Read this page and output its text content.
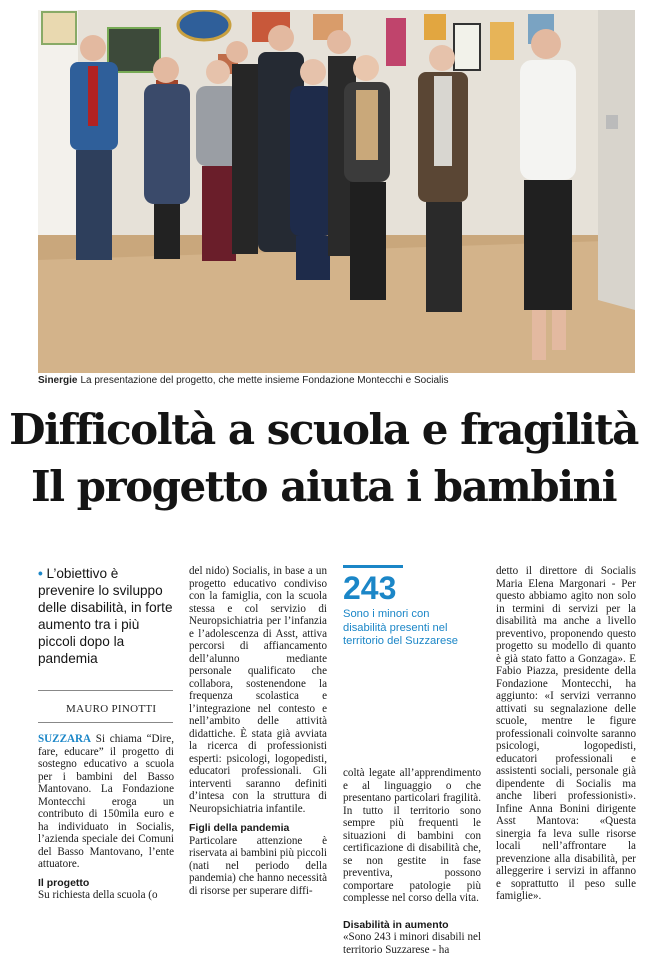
Sinergie La presentazione del progetto, che mette insieme Fondazione Montecchi e Socialis
Difficoltà a scuola e fragilità
Il progetto aiuta i bambini
• L’obiettivo è prevenire lo sviluppo delle disabilità, in forte aumento tra i più piccoli dopo la pandemia
MAURO PINOTTI

SUZZARA Si chiama “Dire, fare, educare” il progetto di sostegno educativo a scuola per i bambini del Basso Mantovano. La Fondazione Montecchi eroga un contributo di 150mila euro e ha individuato in Socialis, l’azienda speciale dei Comuni del Basso Mantovano, l’ente attuatore.

Il progetto

Su richiesta della scuola (o

del nido) Socialis, in base a un progetto educativo condiviso con la famiglia, con la scuola stessa e col servizio di Neuropsichiatria per l’infanzia e l’adolescenza di Asst, attiva percorsi di affiancamento dell’alunno mediante personale qualificato che collabora, sostenendone la frequenza scolastica e l’integrazione nel contesto e nell’ambito delle attività didattiche. È stata già avviata la ricerca di professionisti esperti: psicologi, logopedisti, educatori professionali. Gli interventi saranno definiti d’intesa con la struttura di Neuropsichiatria infantile.

Figli della pandemia

Particolare attenzione è riservata ai bambini più piccoli (nati nel periodo della pandemia) che hanno necessità di risorse per superare diffi-

243
Sono i minori con disabilità presenti nel territorio del Suzzarese

coltà legate all’apprendimento e al linguaggio o che presentano particolari fragilità. In tutto il territorio sono sempre più frequenti le situazioni di bambini con certificazione di disabilità che, se non gestite in fase preventiva, possono comportare patologie più complesse nel corso della vita.

Disabilità in aumento

«Sono 243 i minori disabili nel territorio Suzzarese - ha

detto il direttore di Socialis Maria Elena Margonari - Per questo abbiamo agito non solo in termini di servizi per la disabilità ma anche a livello preventivo, proponendo questo progetto su modello di quanto è già stato fatto a Gonzaga». E Fabio Piazza, presidente della Fondazione Montecchi, ha aggiunto: «I servizi verranno attivati su segnalazione delle scuole, mentre le figure professionali coinvolte saranno psicologi, logopedisti, educatori professionali e assistenti sociali, personale già dipendente di Socialis ma anche liberi professionisti». Infine Anna Bonini dirigente Asst Mantova: «Questa sinergia fa leva sulle risorse locali nell’affrontare la prevenzione alla disabilità, per alleggerire i servizi in affanno e soprattutto il peso sulle famiglie».
